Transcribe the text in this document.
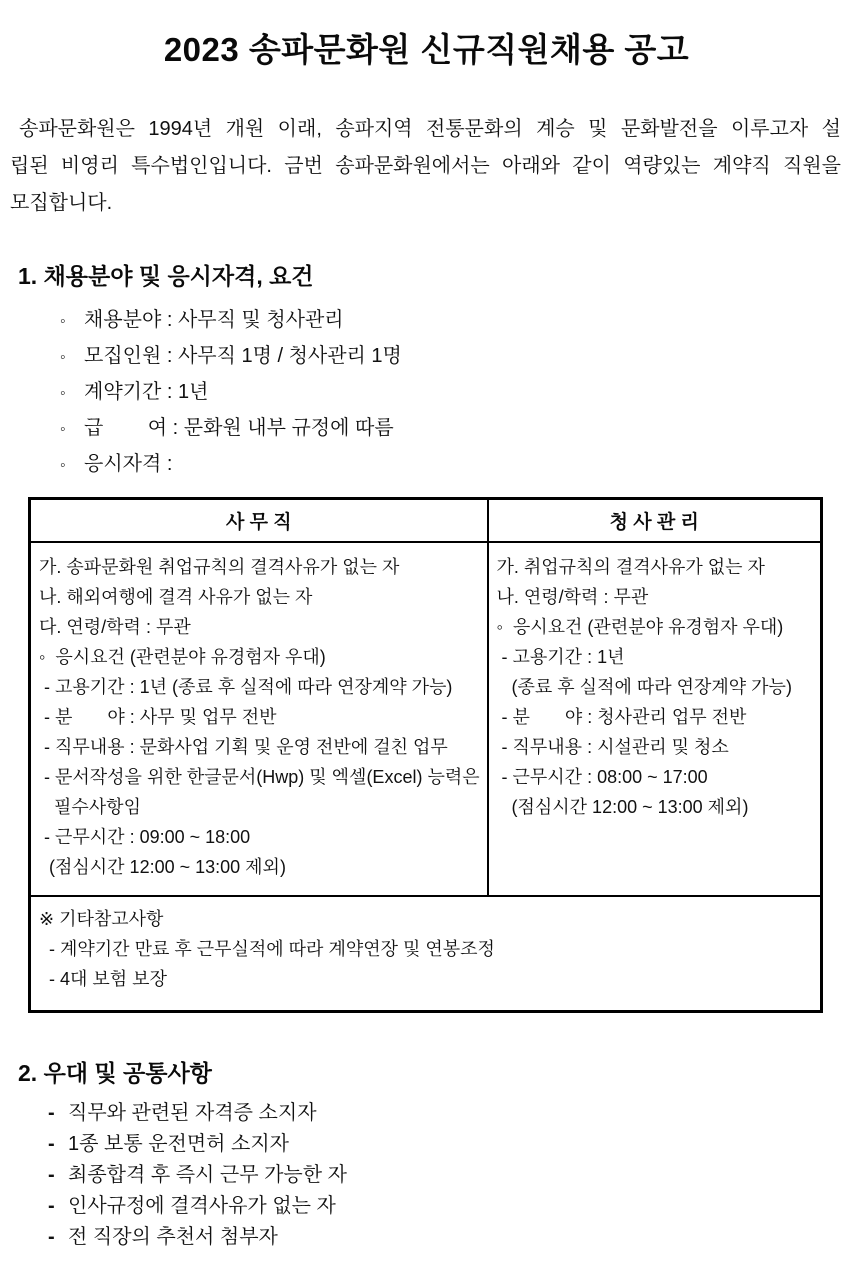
2023 송파문화원 신규직원채용 공고

송파문화원은 1994년 개원 이래, 송파지역 전통문화의 계승 및 문화발전을 이루고자 설립된 비영리 특수법인입니다. 금번 송파문화원에서는 아래와 같이 역량있는 계약직 직원을 모집합니다.

1. 채용분야 및 응시자격, 요건
◦ 채용분야 : 사무직 및 청사관리
◦ 모집인원 : 사무직 1명 / 청사관리 1명
◦ 계약기간 : 1년
◦ 급        여 : 문화원 내부 규정에 따름
◦ 응시자격 :
사 무 직	청 사 관 리

가. 송파문화원 취업규칙의 결격사유가 없는 자
나. 해외여행에 결격 사유가 없는 자
다. 연령/학력 : 무관
◦  응시요건 (관련분야 유경험자 우대)
- 고용기간 : 1년 (종료 후 실적에 따라 연장계약 가능)
- 분       야 : 사무 및 업무 전반
- 직무내용 : 문화사업 기획 및 운영 전반에 걸친 업무
- 문서작성을 위한 한글문서(Hwp) 및 엑셀(Excel) 능력은
필수사항임
- 근무시간 : 09:00 ~ 18:00
(점심시간 12:00 ~ 13:00 제외)

가. 취업규칙의 결격사유가 없는 자
나. 연령/학력 : 무관
◦  응시요건 (관련분야 유경험자 우대)
- 고용기간 : 1년
(종료 후 실적에 따라 연장계약 가능)
- 분       야 : 청사관리 업무 전반
- 직무내용 : 시설관리 및 청소
- 근무시간 : 08:00 ~ 17:00
(점심시간 12:00 ~ 13:00 제외)

※ 기타참고사항
- 계약기간 만료 후 근무실적에 따라 계약연장 및 연봉조정
- 4대 보험 보장	
2. 우대 및 공통사항
- 직무와 관련된 자격증 소지자
- 1종 보통 운전면허 소지자
- 최종합격 후 즉시 근무 가능한 자
- 인사규정에 결격사유가 없는 자
- 전 직장의 추천서 첨부자
